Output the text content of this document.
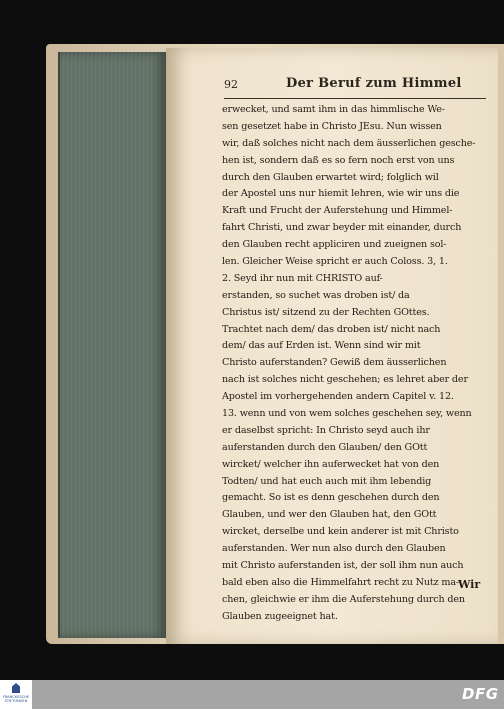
92	Der Beruf zum Himmel
erwecket, und samt ihm in das himmlische We-
sen gesetzet habe in Christo JEsu. Nun wissen
wir, daß solches nicht nach dem äusserlichen gesche-
hen ist, sondern daß es so fern noch erst von uns
durch den Glauben erwartet wird; folglich wil
der Apostel uns nur hiemit lehren, wie wir uns die
Kraft und Frucht der Auferstehung und Himmel-
fahrt Christi, und zwar beyder mit einander, durch
den Glauben recht appliciren und zueignen sol-
len. Gleicher Weise spricht er auch Coloss. 3, 1.
2. Seyd ihr nun mit CHRISTO auf-
erstanden, so suchet was droben ist/ da
Christus ist/ sitzend zu der Rechten GOttes.
Trachtet nach dem/ das droben ist/ nicht nach
dem/ das auf Erden ist. Wenn sind wir mit
Christo auferstanden? Gewiß dem äusserlichen
nach ist solches nicht geschehen; es lehret aber der
Apostel im vorhergehenden andern Capitel v. 12.
13. wenn und von wem solches geschehen sey, wenn
er daselbst spricht: In Christo seyd auch ihr
auferstanden durch den Glauben/ den GOtt
wircket/ welcher ihn auferwecket hat von den
Todten/ und hat euch auch mit ihm lebendig
gemacht. So ist es denn geschehen durch den
Glauben, und wer den Glauben hat, den GOtt
wircket, derselbe und kein anderer ist mit Christo
auferstanden. Wer nun also durch den Glauben
mit Christo auferstanden ist, der soll ihm nun auch
bald eben also die Himmelfahrt recht zu Nutz ma-
chen, gleichwie er ihm die Auferstehung durch den
Glauben zugeeignet hat.
Wir
FRANCKESCHE STIFTUNGEN	DFG
